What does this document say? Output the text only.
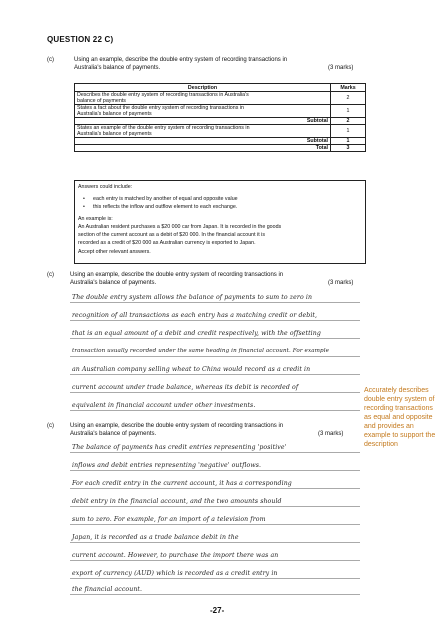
QUESTION 22 C)
(c)	Using an example, describe the double entry system of recording transactions in
Australia's balance of payments.	(3 marks)
Description	Marks
Describes the double entry system of recording transactions in Australia's
balance of payments	2
States a fact about the double entry system of recording transactions in
Australia's balance of payments	1
Subtotal	2
States an example of the double entry system of recording transactions in
Australia's balance of payments	1
Subtotal	1
Total	3
Answers could include:
• each entry is matched by another of equal and opposite value
• this reflects the inflow and outflow element to each exchange.
An example is:
An Australian resident purchases a $20 000 car from Japan. It is recorded in the goods
section of the current account as a debit of $20 000. In the financial account it is
recorded as a credit of $20 000 as Australian currency is exported to Japan.
Accept other relevant answers.
(c)	Using an example, describe the double entry system of recording transactions in
Australia's balance of payments.	(3 marks)
The double entry system allows the balance of payments to sum to zero in
recognition of all transactions as each entry has a matching credit or debit,
that is an equal amount of a debit and credit respectively, with the offsetting
transaction usually recorded under the same heading in financial account. For example
an Australian company selling wheat to China would record as a credit in
current account under trade balance, whereas its debit is recorded of
equivalent in financial account under other investments.
Accurately describes double entry system of recording transactions as equal and opposite and provides an example to support the description
(c)	Using an example, describe the double entry system of recording transactions in
Australia's balance of payments.	(3 marks)
The balance of payments has credit entries representing 'positive'
inflows and debit entries representing 'negative' outflows.
For each credit entry in the current account, it has a corresponding
debit entry in the financial account, and the two amounts should
sum to zero. For example, for an import of a television from
Japan, it is recorded as a trade balance debit in the
current account. However, to purchase the import there was an
export of currency (AUD) which is recorded as a credit entry in
the financial account.
-27-
